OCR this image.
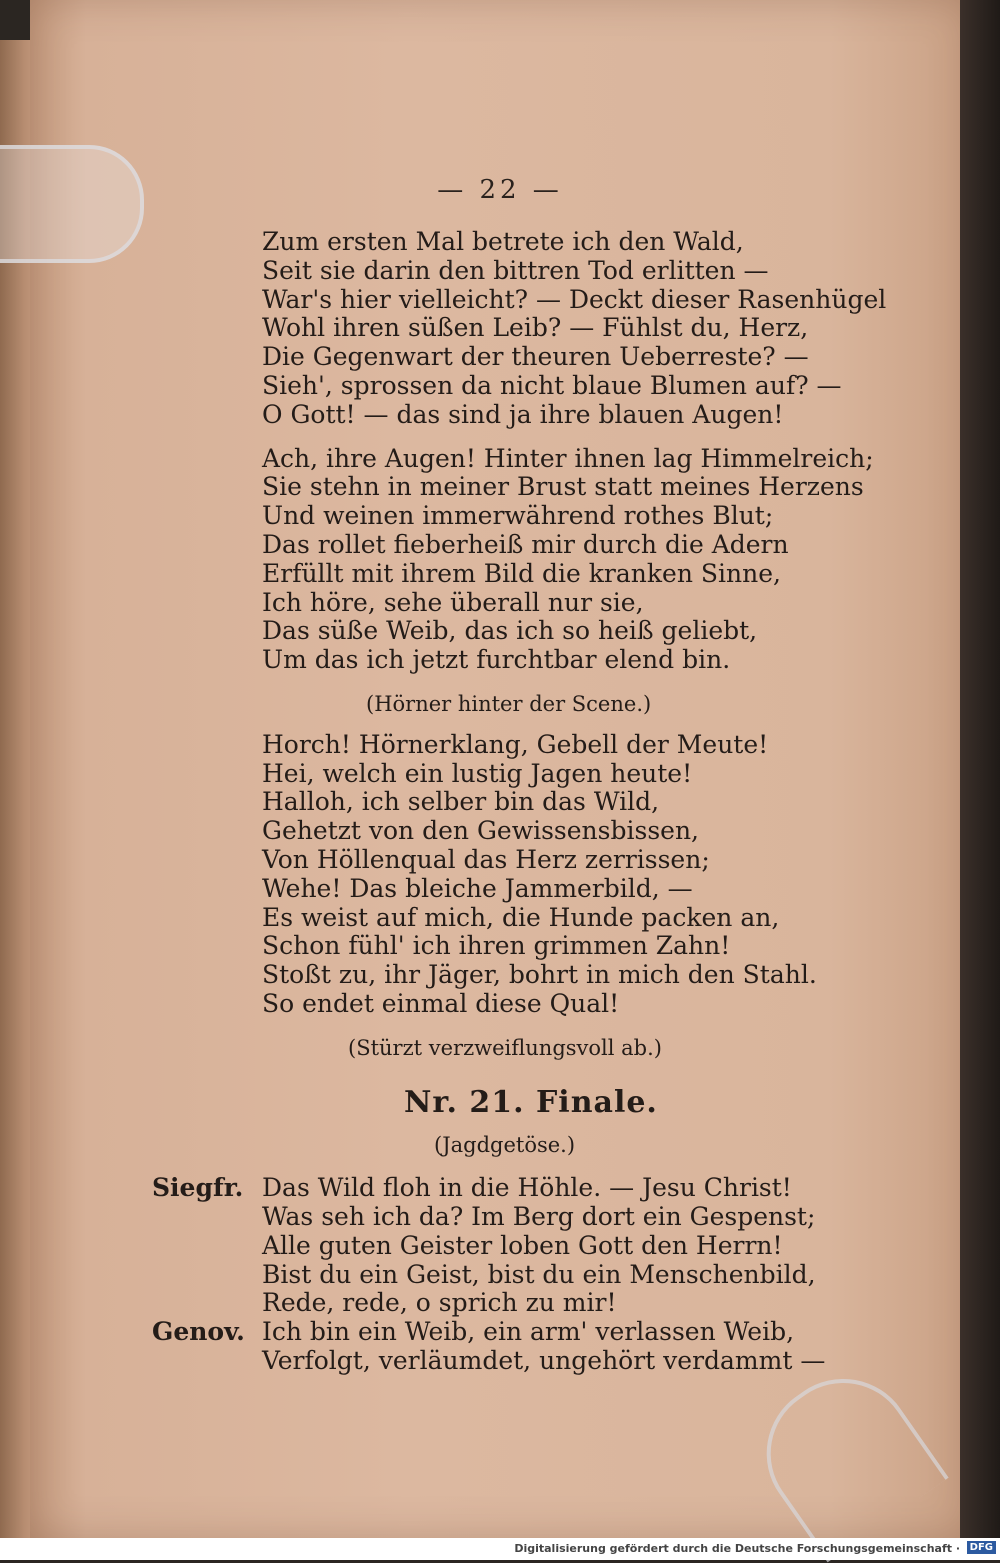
— 22 —
Zum ersten Mal betrete ich den Wald,
Seit sie darin den bittren Tod erlitten —
War's hier vielleicht? — Deckt dieser Rasenhügel
Wohl ihren süßen Leib? — Fühlst du, Herz,
Die Gegenwart der theuren Ueberreste? —
Sieh', sprossen da nicht blaue Blumen auf? —
O Gott! — das sind ja ihre blauen Augen!
Ach, ihre Augen! Hinter ihnen lag Himmelreich;
Sie stehn in meiner Brust statt meines Herzens
Und weinen immerwährend rothes Blut;
Das rollet fieberheiß mir durch die Adern
Erfüllt mit ihrem Bild die kranken Sinne,
Ich höre, sehe überall nur sie,
Das süße Weib, das ich so heiß geliebt,
Um das ich jetzt furchtbar elend bin.
(Hörner hinter der Scene.)
Horch! Hörnerklang, Gebell der Meute!
Hei, welch ein lustig Jagen heute!
Halloh, ich selber bin das Wild,
Gehetzt von den Gewissensbissen,
Von Höllenqual das Herz zerrissen;
Wehe! Das bleiche Jammerbild, —
Es weist auf mich, die Hunde packen an,
Schon fühl' ich ihren grimmen Zahn!
Stoßt zu, ihr Jäger, bohrt in mich den Stahl.
So endet einmal diese Qual!
(Stürzt verzweiflungsvoll ab.)
Nr. 21. Finale.
(Jagdgetöse.)
Siegfr. Das Wild floh in die Höhle. — Jesu Christ!
Was seh ich da? Im Berg dort ein Gespenst;
Alle guten Geister loben Gott den Herrn!
Bist du ein Geist, bist du ein Menschenbild,
Rede, rede, o sprich zu mir!
Genov. Ich bin ein Weib, ein arm' verlassen Weib,
Verfolgt, verläumdet, ungehört verdammt —
Digitalisierung gefördert durch die Deutsche Forschungsgemeinschaft · DFG
